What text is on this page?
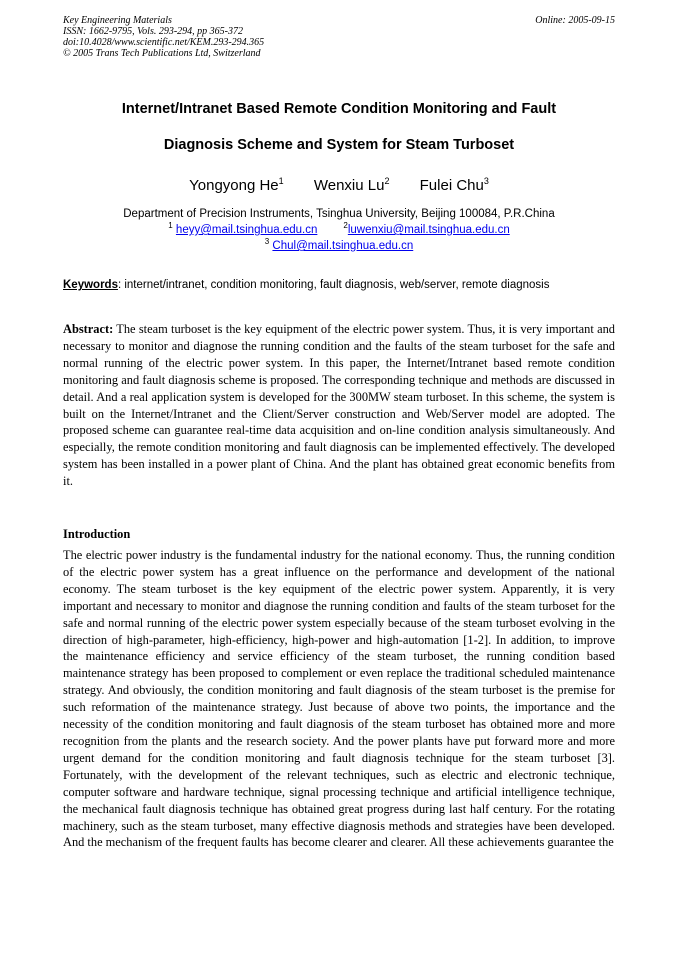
Key Engineering Materials
ISSN: 1662-9795, Vols. 293-294, pp 365-372
doi:10.4028/www.scientific.net/KEM.293-294.365
© 2005 Trans Tech Publications Ltd, Switzerland
Online: 2005-09-15
Internet/Intranet Based Remote Condition Monitoring and Fault
Diagnosis Scheme and System for Steam Turboset
Yongyong He$^1$ Wenxiu Lu$^2$ Fulei Chu$^3$
Department of Precision Instruments, Tsinghua University, Beijing 100084, P.R.China
$^1$ heyy@mail.tsinghua.edu.cn	$^2$luwenxiu@mail.tsinghua.edu.cn
$^3$ Chul@mail.tsinghua.edu.cn
Keywords: internet/intranet, condition monitoring, fault diagnosis, web/server, remote diagnosis

Abstract: The steam turboset is the key equipment of the electric power system. Thus, it is very important and necessary to monitor and diagnose the running condition and the faults of the steam turboset for the safe and normal running of the electric power system. In this paper, the Internet/Intranet based remote condition monitoring and fault diagnosis scheme is proposed. The corresponding technique and methods are discussed in detail. And a real application system is developed for the 300MW steam turboset. In this scheme, the system is built on the Internet/Intranet and the Client/Server construction and Web/Server model are adopted. The proposed scheme can guarantee real-time data acquisition and on-line condition analysis simultaneously. And especially, the remote condition monitoring and fault diagnosis can be implemented effectively. The developed system has been installed in a power plant of China. And the plant has obtained great economic benefits from it.

Introduction

The electric power industry is the fundamental industry for the national economy. Thus, the running condition of the electric power system has a great influence on the performance and development of the national economy. The steam turboset is the key equipment of the electric power system. Apparently, it is very important and necessary to monitor and diagnose the running condition and faults of the steam turboset for the safe and normal running of the electric power system especially because of the steam turboset evolving in the direction of high-parameter, high-efficiency, high-power and high-automation [1-2]. In addition, to improve the maintenance efficiency and service efficiency of the steam turboset, the running condition based maintenance strategy has been proposed to complement or even replace the traditional scheduled maintenance strategy. And obviously, the condition monitoring and fault diagnosis of the steam turboset is the premise for such reformation of the maintenance strategy. Just because of above two points, the importance and the necessity of the condition monitoring and fault diagnosis of the steam turboset has obtained more and more recognition from the plants and the research society. And the power plants have put forward more and more urgent demand for the condition monitoring and fault diagnosis technique for the steam turboset [3]. Fortunately, with the development of the relevant techniques, such as electric and electronic technique, computer software and hardware technique, signal processing technique and artificial intelligence technique, the mechanical fault diagnosis technique has obtained great progress during last half century. For the rotating machinery, such as the steam turboset, many effective diagnosis methods and strategies have been developed. And the mechanism of the frequent faults has become clearer and clearer. All these achievements guarantee the
